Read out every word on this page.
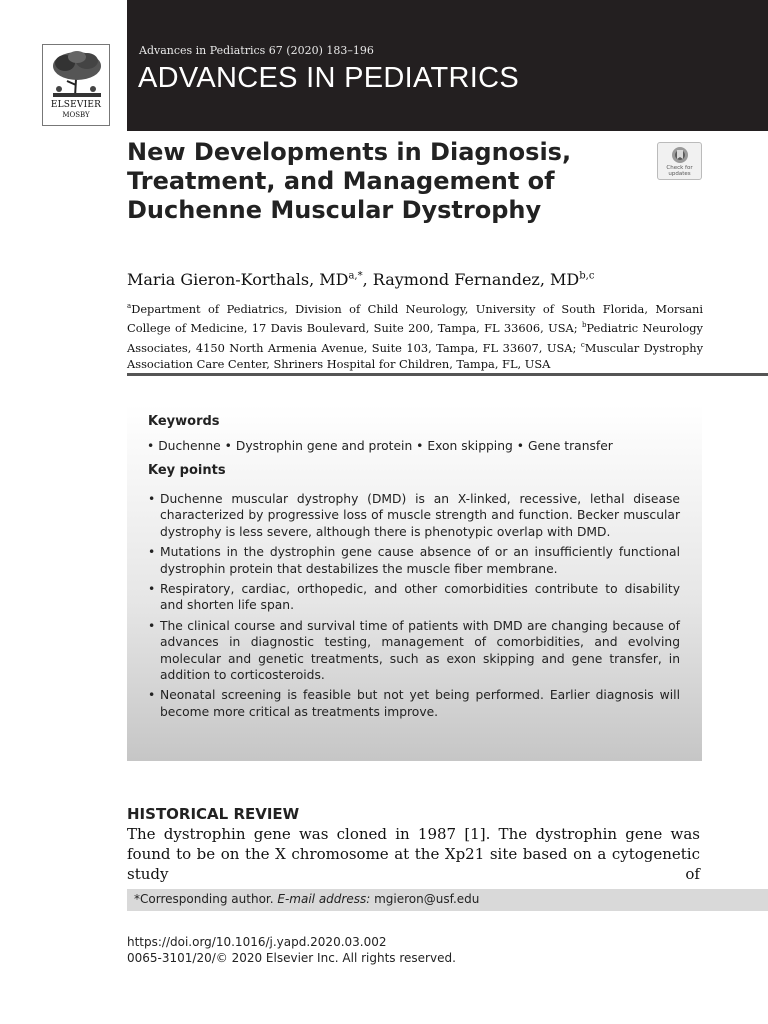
ELSEVIER
MOSBY
Advances in Pediatrics 67 (2020) 183–196
ADVANCES IN PEDIATRICS
New Developments in Diagnosis, Treatment, and Management of Duchenne Muscular Dystrophy
Check for
updates
Maria Gieron-Korthals, $MD^{a,*}$, Raymond Fernandez, MD$^{b,c}$
$^a$Department of Pediatrics, Division of Child Neurology, University of South Florida, Morsani College of Medicine, 17 Davis Boulevard, Suite 200, Tampa, FL 33606, USA; $^b$Pediatric Neurology Associates, 4150 North Armenia Avenue, Suite 103, Tampa, FL 33607, USA; $^c$Muscular Dystrophy Association Care Center, Shriners Hospital for Children, Tampa, FL, USA
Keywords
• Duchenne • Dystrophin gene and protein • Exon skipping • Gene transfer
Key points
• Duchenne muscular dystrophy (DMD) is an X-linked, recessive, lethal disease characterized by progressive loss of muscle strength and function. Becker muscular dystrophy is less severe, although there is phenotypic overlap with DMD.
• Mutations in the dystrophin gene cause absence of or an insufficiently functional dystrophin protein that destabilizes the muscle fiber membrane.
• Respiratory, cardiac, orthopedic, and other comorbidities contribute to disability and shorten life span.
• The clinical course and survival time of patients with DMD are changing because of advances in diagnostic testing, management of comorbidities, and evolving molecular and genetic treatments, such as exon skipping and gene transfer, in addition to corticosteroids.
• Neonatal screening is feasible but not yet being performed. Earlier diagnosis will become more critical as treatments improve.
HISTORICAL REVIEW
The dystrophin gene was cloned in 1987 [1]. The dystrophin gene was found to be on the X chromosome at the Xp21 site based on a cytogenetic study of
*Corresponding author. E-mail address: mgieron@usf.edu
https://doi.org/10.1016/j.yapd.2020.03.002
0065-3101/20/© 2020 Elsevier Inc. All rights reserved.
